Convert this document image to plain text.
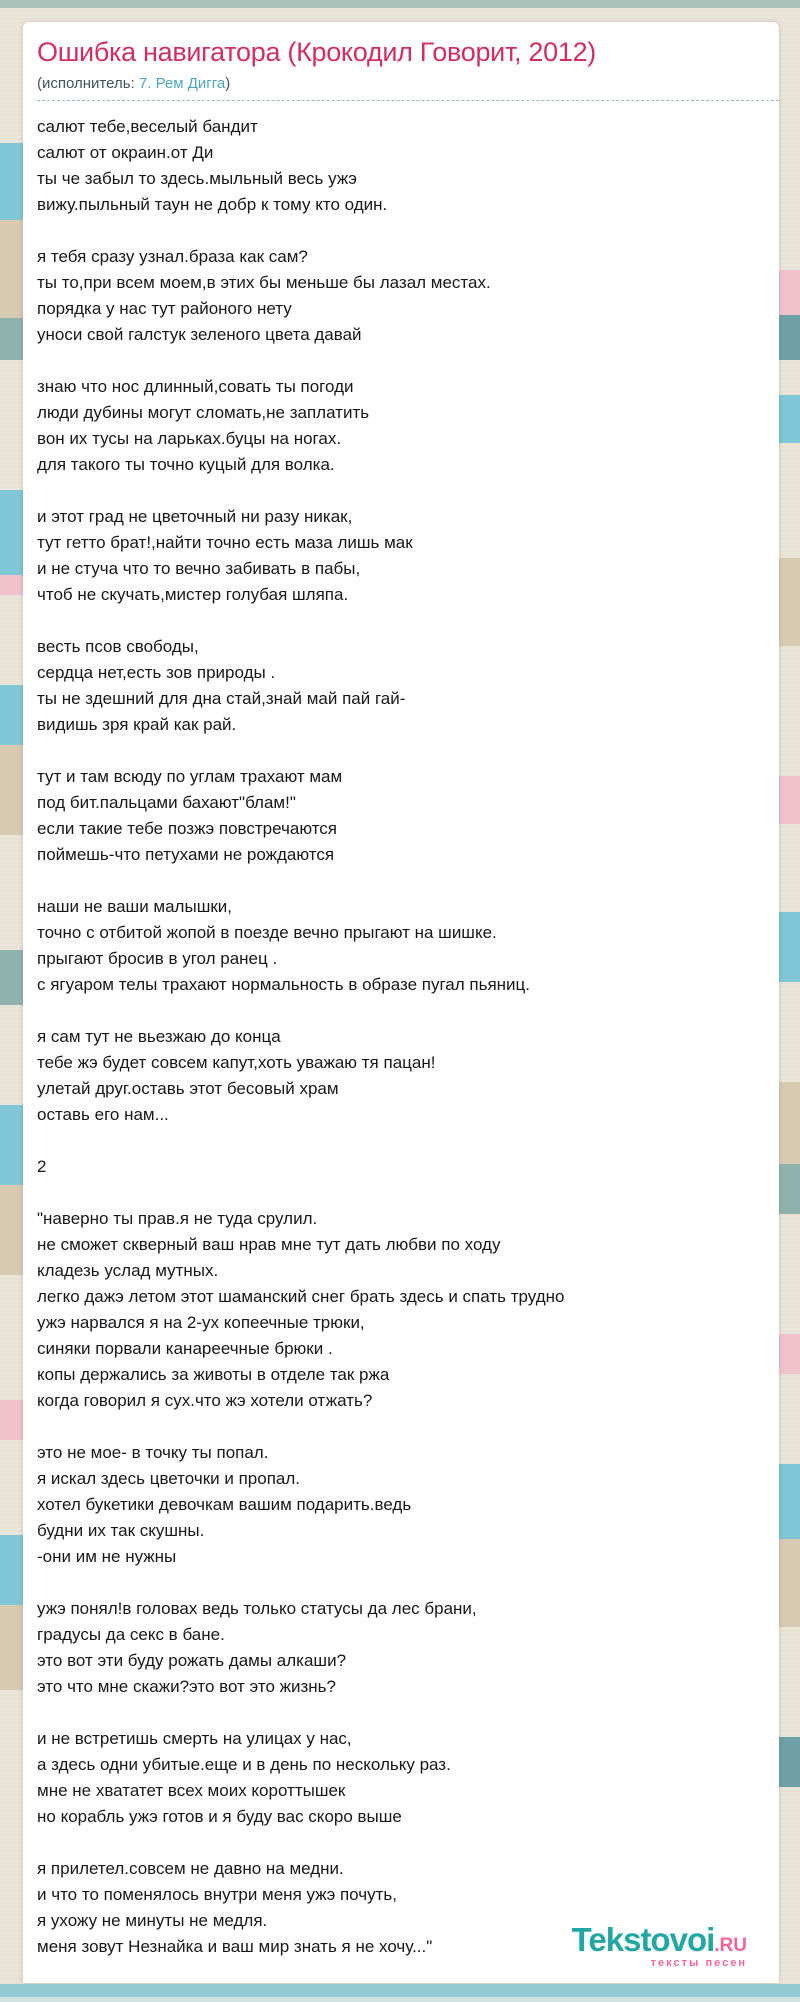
Ошибка навигатора (Крокодил Говорит, 2012)
(исполнитель: 7. Рем Дигга)
салют тебе,веселый бандит
салют от окраин.от Ди
ты че забыл то здесь.мыльный весь ужэ
вижу.пыльный таун не добр к тому кто один.
я тебя сразу узнал.браза как сам?
ты то,при всем моем,в этих бы меньше бы лазал местах.
порядка у нас тут районого нету
уноси свой галстук зеленого цвета давай
знаю что нос длинный,совать ты погоди
люди дубины могут сломать,не заплатить
вон их тусы на ларьках.буцы на ногах.
для такого ты точно куцый для волка.
и этот град не цветочный ни разу никак,
тут гетто брат!,найти точно есть маза лишь мак
и не стуча что то вечно забивать в пабы,
чтоб не скучать,мистер голубая шляпа.
весть псов свободы,
сердца нет,есть зов природы .
ты не здешний для дна стай,знай май пай гай-
видишь зря край как рай.
тут и там всюду по углам трахают мам
под бит.пальцами бахают"блам!"
если такие тебе позжэ повстречаются
поймешь-что петухами не рождаются
наши не ваши малышки,
точно с отбитой жопой в поезде вечно прыгают на шишке.
прыгают бросив в угол ранец .
с ягуаром телы трахают нормальность в образе пугал пьяниц.
я сам тут не вьезжаю до конца
тебе жэ будет совсем капут,хоть уважаю тя пацан!
улетай друг.оставь этот бесовый храм
оставь его нам...
2
"наверно ты прав.я не туда срулил.
не сможет скверный ваш нрав мне тут дать любви по ходу
кладезь услад мутных.
легко дажэ летом этот шаманский снег брать здесь и спать трудно
ужэ нарвался я на 2-ух копеечные трюки,
синяки порвали канареечные брюки .
копы держались за животы в отделе так ржа
когда говорил я сух.что жэ хотели отжать?
это не мое- в точку ты попал.
я искал здесь цветочки и пропал.
хотел букетики девочкам вашим подарить.ведь
будни их так скушны.
-они им не нужны
ужэ понял!в головах ведь только статусы да лес брани,
градусы да секс в бане.
это вот эти буду рожать дамы алкаши?
это что мне скажи?это вот это жизнь?
и не встретишь смерть на улицах у нас,
а здесь одни убитые.еще и в день по нескольку раз.
мне не хвататет всех моих короттышек
но корабль ужэ готов и я буду вас скоро выше
я прилетел.совсем не давно на медни.
и что то поменялось внутри меня ужэ почуть,
я ухожу не минуты не медля.
меня зовут Незнайка и ваш мир знать я не хочу..."	Tekstovoi.RU
тексты песен
